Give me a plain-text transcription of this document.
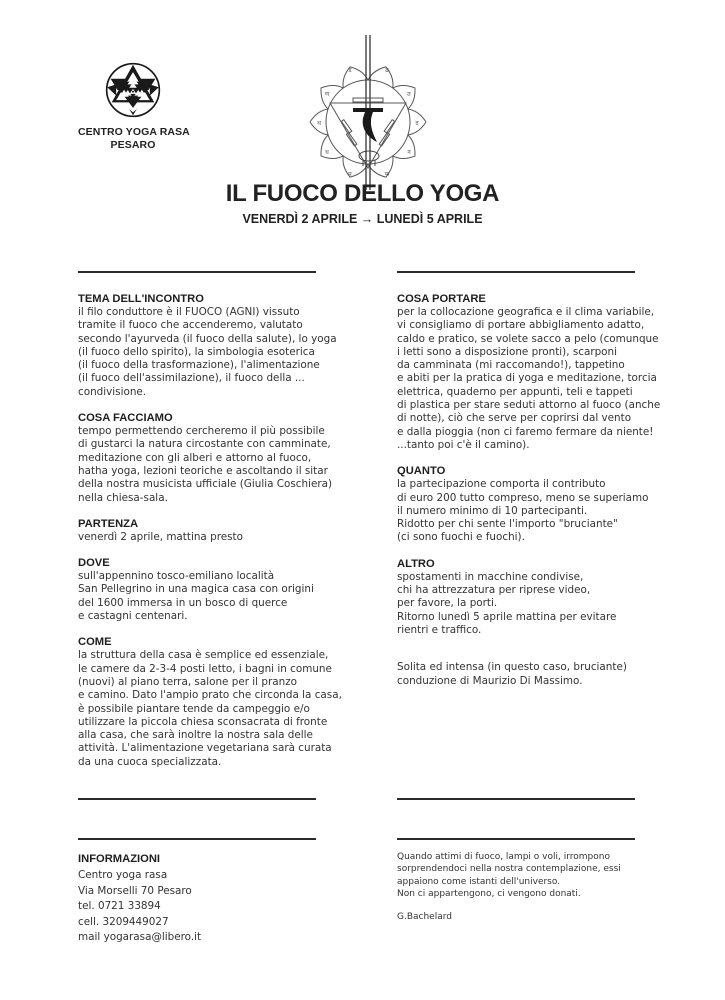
CENTRO YOGA RASA
PESARO
ड	ढ
ण	त
थ	द
ध	न
प	फ
IL FUOCO DELLO YOGA
VENERDÌ 2 APRILE → LUNEDÌ 5 APRILE
TEMA DELL'INCONTRO
il filo conduttore è il FUOCO (AGNI) vissuto
tramite il fuoco che accenderemo, valutato
secondo l'ayurveda (il fuoco della salute), lo yoga
(il fuoco dello spirito), la simbologia esoterica
(il fuoco della trasformazione), l'alimentazione
(il fuoco dell'assimilazione), il fuoco della ...
condivisione.
COSA FACCIAMO
tempo permettendo cercheremo il più possibile
di gustarci la natura circostante con camminate,
meditazione con gli alberi e attorno al fuoco,
hatha yoga, lezioni teoriche e ascoltando il sitar
della nostra musicista ufficiale (Giulia Coschiera)
nella chiesa-sala.
PARTENZA
venerdì 2 aprile, mattina presto
DOVE
sull'appennino tosco-emiliano località
San Pellegrino in una magica casa con origini
del 1600 immersa in un bosco di querce
e castagni centenari.
COME
la struttura della casa è semplice ed essenziale,
le camere da 2-3-4 posti letto, i bagni in comune
(nuovi) al piano terra, salone per il pranzo
e camino. Dato l'ampio prato che circonda la casa,
è possibile piantare tende da campeggio e/o
utilizzare la piccola chiesa sconsacrata di fronte
alla casa, che sarà inoltre la nostra sala delle
attività. L'alimentazione vegetariana sarà curata
da una cuoca specializzata.
COSA PORTARE
per la collocazione geografica e il clima variabile,
vi consigliamo di portare abbigliamento adatto,
caldo e pratico, se volete sacco a pelo (comunque
i letti sono a disposizione pronti), scarponi
da camminata (mi raccomando!), tappetino
e abiti per la pratica di yoga e meditazione, torcia
elettrica, quaderno per appunti, teli e tappeti
di plastica per stare seduti attorno al fuoco (anche
di notte), ciò che serve per coprirsi dal vento
e dalla pioggia (non ci faremo fermare da niente!
...tanto poi c'è il camino).
QUANTO
la partecipazione comporta il contributo
di euro 200 tutto compreso, meno se superiamo
il numero minimo di 10 partecipanti.
Ridotto per chi sente l'importo "bruciante"
(ci sono fuochi e fuochi).
ALTRO
spostamenti in macchine condivise,
chi ha attrezzatura per riprese video,
per favore, la porti.
Ritorno lunedì 5 aprile mattina per evitare
rientri e traffico.
Solita ed intensa (in questo caso, bruciante)
conduzione di Maurizio Di Massimo.
INFORMAZIONI
Centro yoga rasa
Via Morselli 70 Pesaro
tel. 0721 33894
cell. 3209449027
mail yogarasa@libero.it
Quando attimi di fuoco, lampi o voli, irrompono
sorprendendoci nella nostra contemplazione, essi
appaiono come istanti dell'universo.
Non ci appartengono, ci vengono donati.
G.Bachelard
